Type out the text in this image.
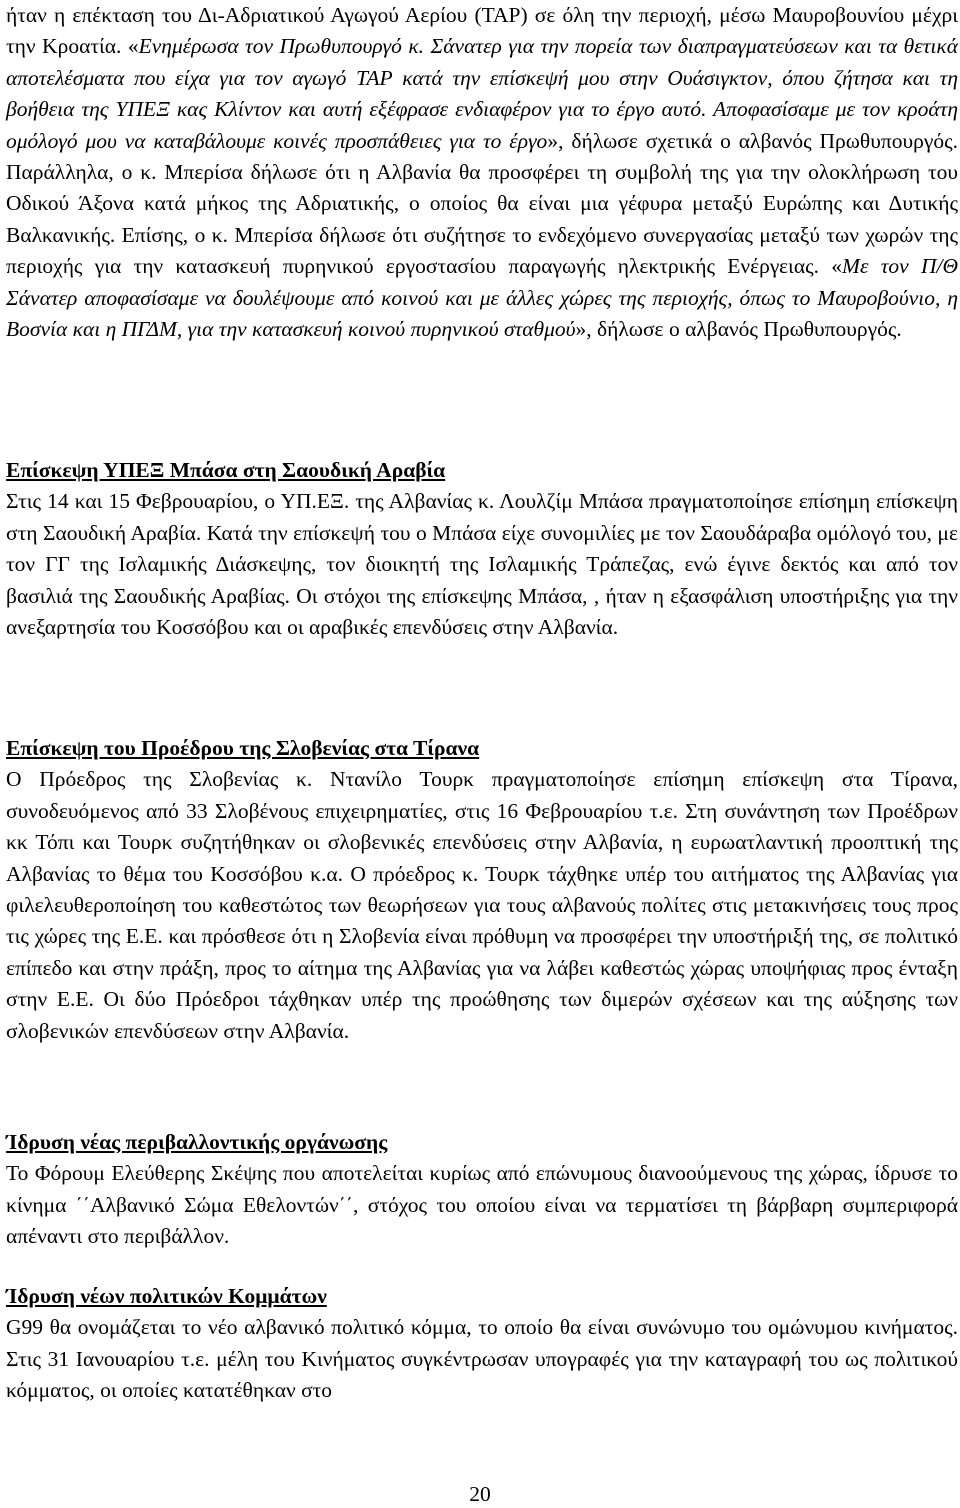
ήταν η επέκταση του Δι-Αδριατικού Αγωγού Αερίου (ΤΑΡ) σε όλη την περιοχή, μέσω Μαυροβουνίου μέχρι την Κροατία. «Ενημέρωσα τον Πρωθυπουργό κ. Σάνατερ για την πορεία των διαπραγματεύσεων και τα θετικά αποτελέσματα που είχα για τον αγωγό ΤΑΡ κατά την επίσκεψή μου στην Ουάσιγκτον, όπου ζήτησα και τη βοήθεια της ΥΠΕΞ κας Κλίντον και αυτή εξέφρασε ενδιαφέρον για το έργο αυτό. Αποφασίσαμε με τον κροάτη ομόλογό μου να καταβάλουμε κοινές προσπάθειες για το έργο», δήλωσε σχετικά ο αλβανός Πρωθυπουργός. Παράλληλα, ο κ. Μπερίσα δήλωσε ότι η Αλβανία θα προσφέρει τη συμβολή της για την ολοκλήρωση του Οδικού Άξονα κατά μήκος της Αδριατικής, ο οποίος θα είναι μια γέφυρα μεταξύ Ευρώπης και Δυτικής Βαλκανικής. Επίσης, ο κ. Μπερίσα δήλωσε ότι συζήτησε το ενδεχόμενο συνεργασίας μεταξύ των χωρών της περιοχής για την κατασκευή πυρηνικού εργοστασίου παραγωγής ηλεκτρικής Ενέργειας. «Με τον Π/Θ Σάνατερ αποφασίσαμε να δουλέψουμε από κοινού και με άλλες χώρες της περιοχής, όπως το Μαυροβούνιο, η Βοσνία και η ΠΓΔΜ, για την κατασκευή κοινού πυρηνικού σταθμού», δήλωσε ο αλβανός Πρωθυπουργός.

Επίσκεψη ΥΠΕΞ Μπάσα στη Σαουδική Αραβία

Στις 14 και 15 Φεβρουαρίου, ο ΥΠ.ΕΞ. της Αλβανίας κ. Λουλζίμ Μπάσα πραγματοποίησε επίσημη επίσκεψη στη Σαουδική Αραβία. Κατά την επίσκεψή του ο Μπάσα είχε συνομιλίες με τον Σαουδάραβα ομόλογό του, με τον ΓΓ της Ισλαμικής Διάσκεψης, τον διοικητή της Ισλαμικής Τράπεζας, ενώ έγινε δεκτός και από τον βασιλιά της Σαουδικής Αραβίας. Οι στόχοι της επίσκεψης Μπάσα, , ήταν η εξασφάλιση υποστήριξης για την ανεξαρτησία του Κοσσόβου και οι αραβικές επενδύσεις στην Αλβανία.

Επίσκεψη του Προέδρου της Σλοβενίας στα Τίρανα

Ο Πρόεδρος της Σλοβενίας κ. Ντανίλο Τουρκ πραγματοποίησε επίσημη επίσκεψη στα Τίρανα, συνοδευόμενος από 33 Σλοβένους επιχειρηματίες, στις 16 Φεβρουαρίου τ.ε. Στη συνάντηση των Προέδρων κκ Τόπι και Τουρκ συζητήθηκαν οι σλοβενικές επενδύσεις στην Αλβανία, η ευρωατλαντική προοπτική της Αλβανίας το θέμα του Κοσσόβου κ.α. Ο πρόεδρος κ. Τουρκ τάχθηκε υπέρ του αιτήματος της Αλβανίας για φιλελευθεροποίηση του καθεστώτος των θεωρήσεων για τους αλβανούς πολίτες στις μετακινήσεις τους προς τις χώρες της Ε.Ε. και πρόσθεσε ότι η Σλοβενία είναι πρόθυμη να προσφέρει την υποστήριξή της, σε πολιτικό επίπεδο και στην πράξη, προς το αίτημα της Αλβανίας για να λάβει καθεστώς χώρας υποψήφιας προς ένταξη στην Ε.Ε. Οι δύο Πρόεδροι τάχθηκαν υπέρ της προώθησης των διμερών σχέσεων και της αύξησης των σλοβενικών επενδύσεων στην Αλβανία.

Ίδρυση νέας περιβαλλοντικής οργάνωσης

Το Φόρουμ Ελεύθερης Σκέψης που αποτελείται κυρίως από επώνυμους διανοούμενους της χώρας, ίδρυσε το κίνημα ΄΄Αλβανικό Σώμα Εθελοντών΄΄, στόχος του οποίου είναι να τερματίσει τη βάρβαρη συμπεριφορά απέναντι στο περιβάλλον.

Ίδρυση νέων πολιτικών Κομμάτων

G99 θα ονομάζεται το νέο αλβανικό πολιτικό κόμμα, το οποίο θα είναι συνώνυμο του ομώνυμου κινήματος. Στις 31 Ιανουαρίου τ.ε. μέλη του Κινήματος συγκέντρωσαν υπογραφές για την καταγραφή του ως πολιτικού κόμματος, οι οποίες κατατέθηκαν στο

20
